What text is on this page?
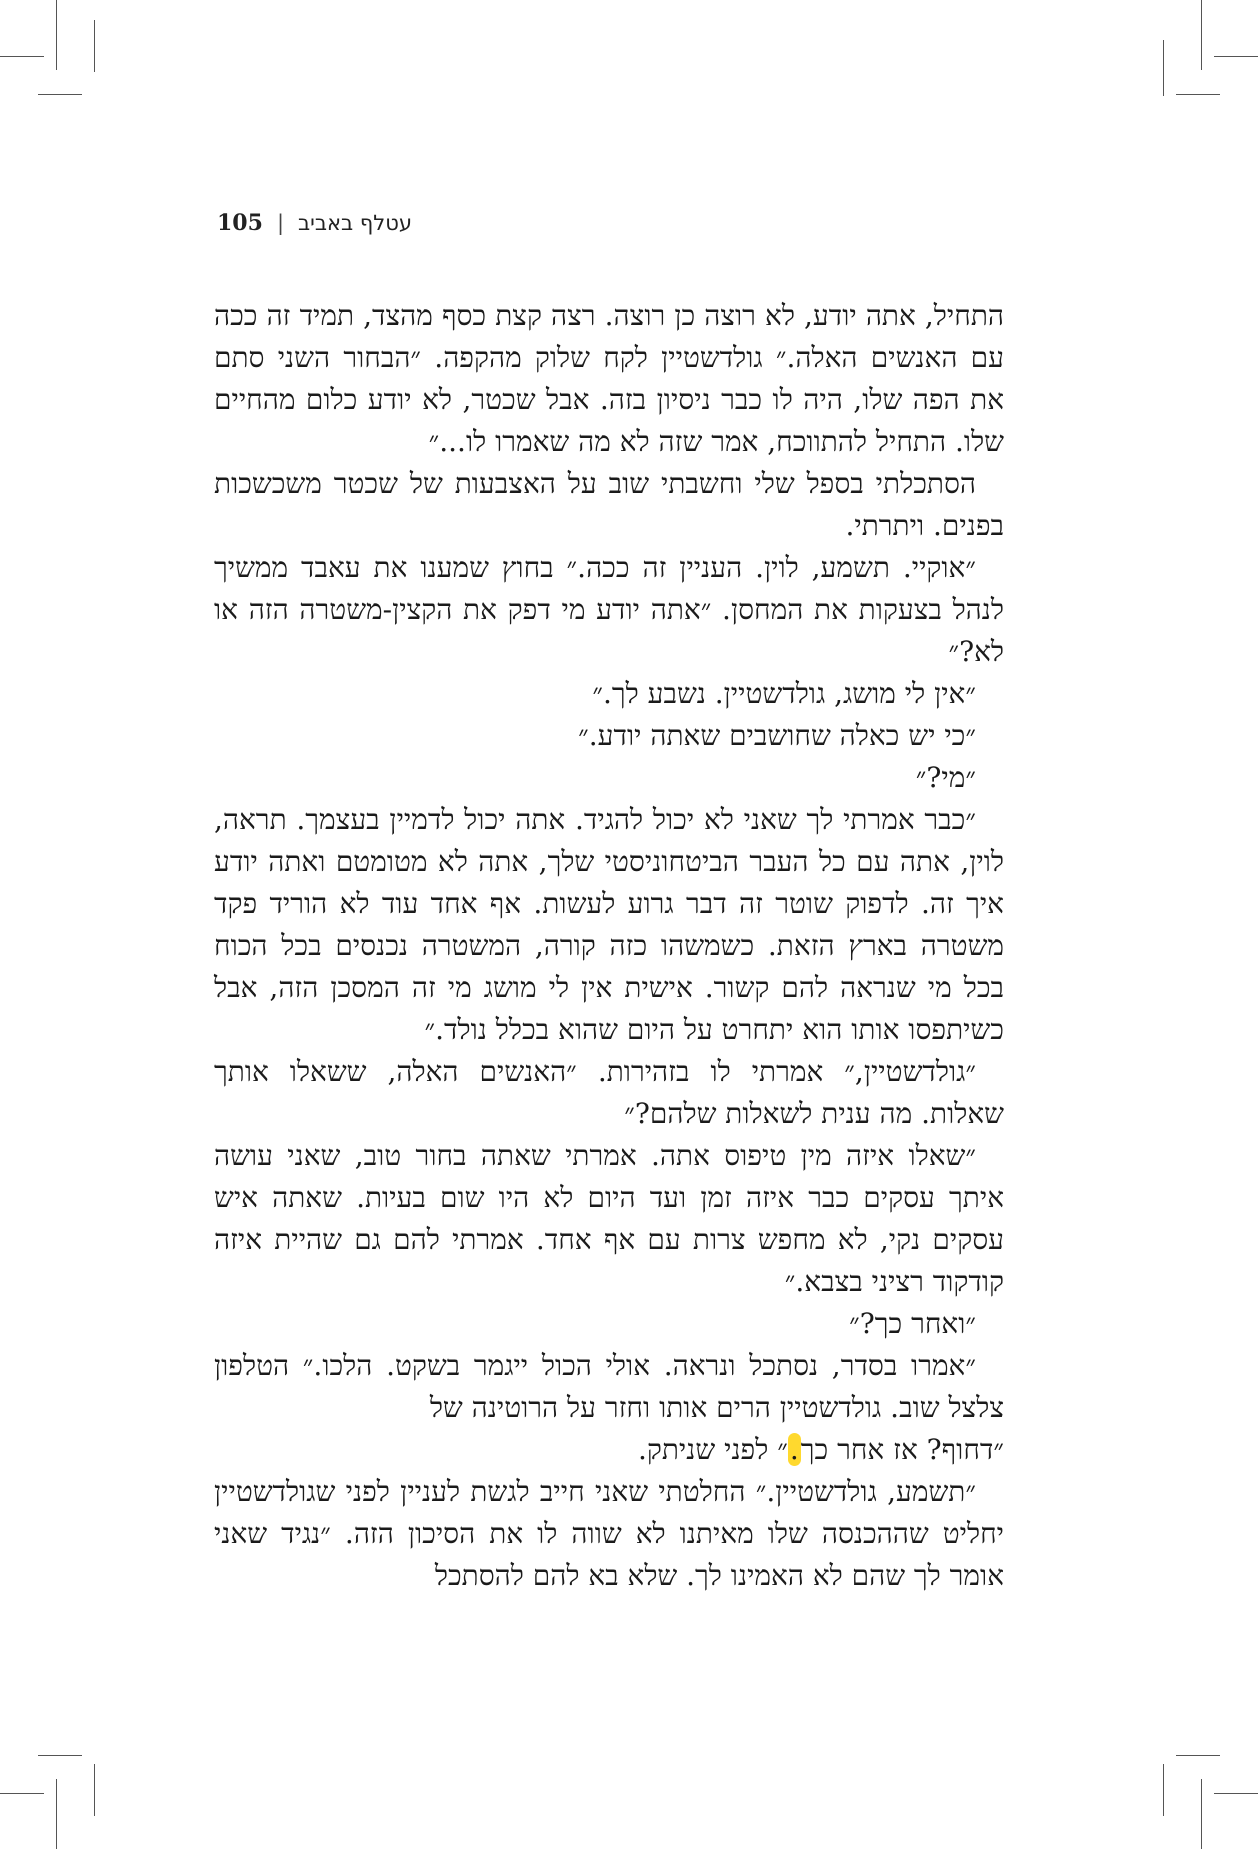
105 | עטלף באביב

התחיל, אתה יודע, לא רוצה כן רוצה. רצה קצת כסף מהצד, תמיד זה ככה עם האנשים האלה.״ גולדשטיין לקח שלוק מהקפה. ״הבחור השני סתם את הפה שלו, היה לו כבר ניסיון בזה. אבל שכטר, לא יודע כלום מהחיים שלו. התחיל להתווכח, אמר שזה לא מה שאמרו לו...״

הסתכלתי בספל שלי וחשבתי שוב על האצבעות של שכטר משכשכות בפנים. ויתרתי.

״אוקיי. תשמע, לוין. העניין זה ככה.״ בחוץ שמענו את עאבד ממשיך לנהל בצעקות את המחסן. ״אתה יודע מי דפק את הקצין-משטרה הזה או לא?״

״אין לי מושג, גולדשטיין. נשבע לך.״

״כי יש כאלה שחושבים שאתה יודע.״

״מי?״

״כבר אמרתי לך שאני לא יכול להגיד. אתה יכול לדמיין בעצמך. תראה, לוין, אתה עם כל העבר הביטחוניסטי שלך, אתה לא מטומטם ואתה יודע איך זה. לדפוק שוטר זה דבר גרוע לעשות. אף אחד עוד לא הוריד פקד משטרה בארץ הזאת. כשמשהו כזה קורה, המשטרה נכנסים בכל הכוח בכל מי שנראה להם קשור. אישית אין לי מושג מי זה המסכן הזה, אבל כשיתפסו אותו הוא יתחרט על היום שהוא בכלל נולד.״

״גולדשטיין,״ אמרתי לו בזהירות. ״האנשים האלה, ששאלו אותך שאלות. מה ענית לשאלות שלהם?״

״שאלו איזה מין טיפוס אתה. אמרתי שאתה בחור טוב, שאני עושה איתך עסקים כבר איזה זמן ועד היום לא היו שום בעיות. שאתה איש עסקים נקי, לא מחפש צרות עם אף אחד. אמרתי להם גם שהיית איזה קודקוד רציני בצבא.״

״ואחר כך?״

״אמרו בסדר, נסתכל ונראה. אולי הכול ייגמר בשקט. הלכו.״ הטלפון צלצל שוב. גולדשטיין הרים אותו וחזר על הרוטינה של

״דחוף? אז אחר כך.״ לפני שניתק.

״תשמע, גולדשטיין.״ החלטתי שאני חייב לגשת לעניין לפני שגולדשטיין יחליט שההכנסה שלו מאיתנו לא שווה לו את הסיכון הזה. ״נגיד שאני אומר לך שהם לא האמינו לך. שלא בא להם להסתכל
